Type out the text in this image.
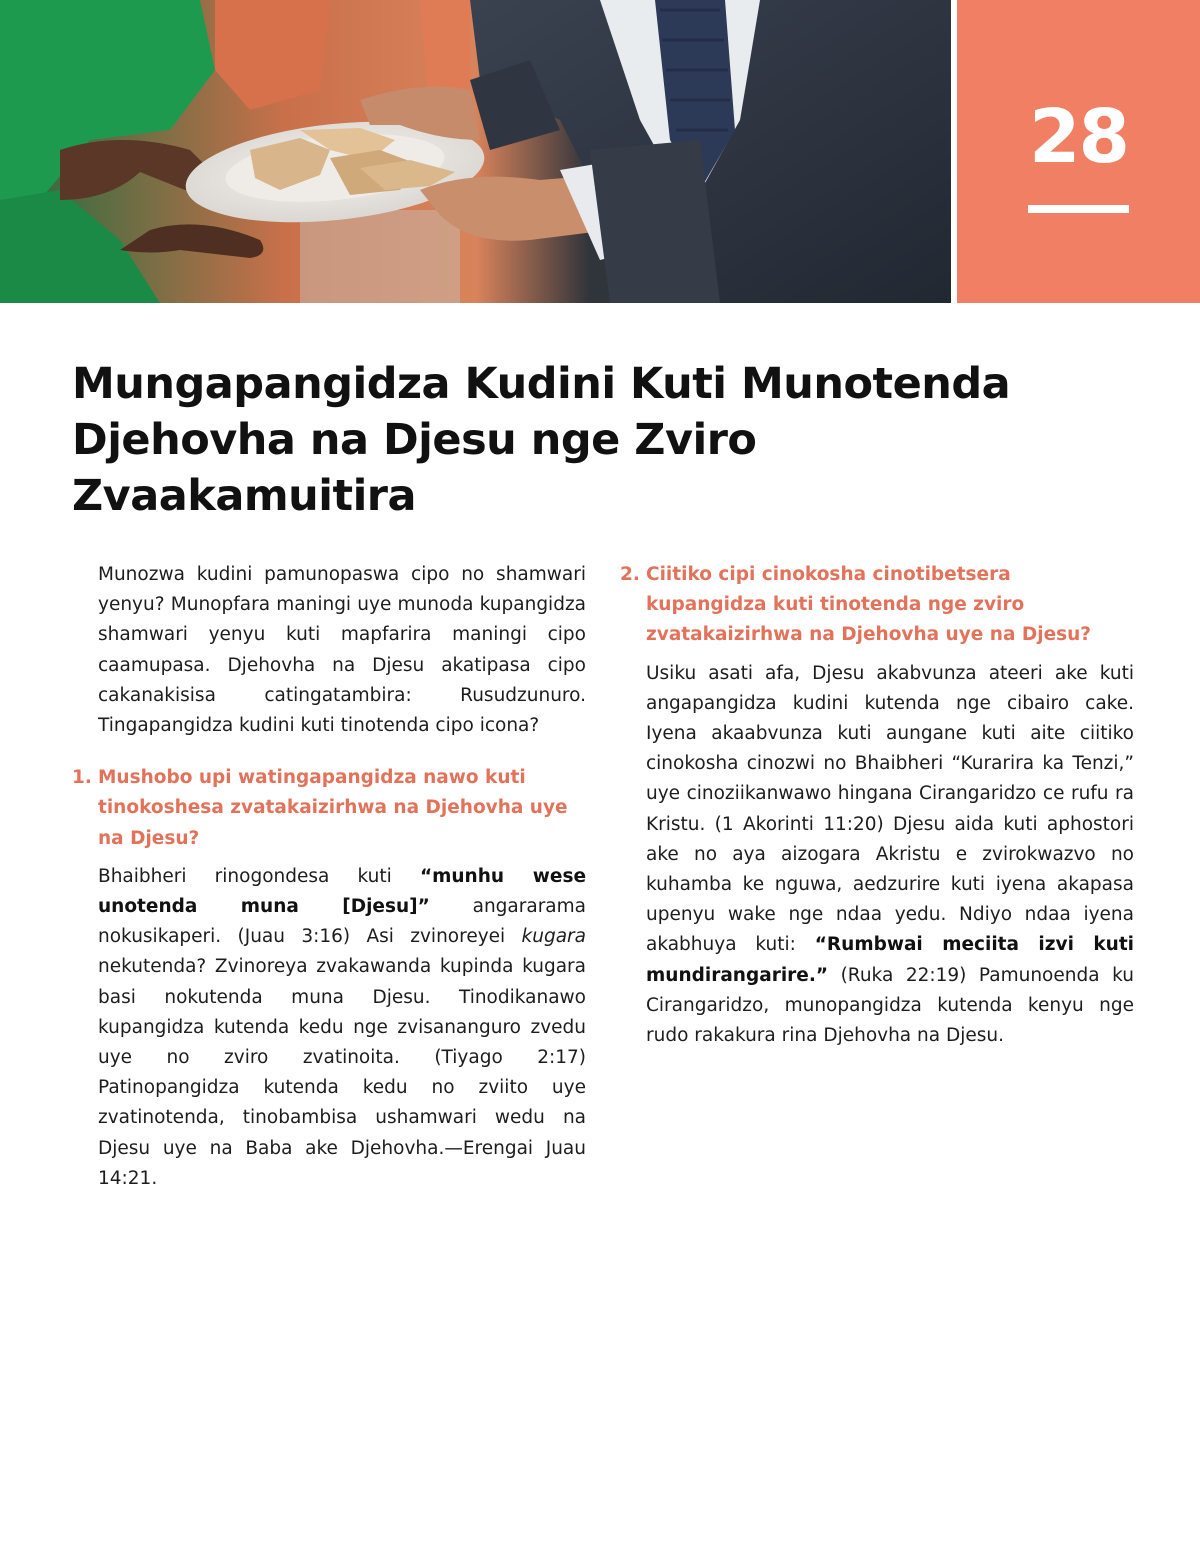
28
Mungapangidza Kudini Kuti Munotenda Djehovha na Djesu nge Zviro Zvaakamuitira

Munozwa kudini pamunopaswa cipo no shamwari yenyu? Munopfara maningi uye munoda kupangidza shamwari yenyu kuti mapfarira maningi cipo caamupasa. Djehovha na Djesu akatipasa cipo cakanakisisa catingatambira: Rusudzunuro. Tingapangidza kudini kuti tinotenda cipo icona?

1. Mushobo upi watingapangidza nawo kuti tinokoshesa zvatakaizirhwa na Djehovha uye na Djesu?

Bhaibheri rinogondesa kuti “munhu wese unotenda muna [Djesu]” angararama nokusikaperi. (Juau 3:16) Asi zvinoreyei kugara nekutenda? Zvinoreya zvakawanda kupinda kugara basi nokutenda muna Djesu. Tinodikanawo kupangidza kutenda kedu nge zvisananguro zvedu uye no zviro zvatinoita. (Tiyago 2:17) Patinopangidza kutenda kedu no zviito uye zvatinotenda, tinobambisa ushamwari wedu na Djesu uye na Baba ake Djehovha.—Erengai Juau 14:21.

2. Ciitiko cipi cinokosha cinotibetsera kupangidza kuti tinotenda nge zviro zvatakaizirhwa na Djehovha uye na Djesu?

Usiku asati afa, Djesu akabvunza ateeri ake kuti angapangidza kudini kutenda nge cibairo cake. Iyena akaabvunza kuti aungane kuti aite ciitiko cinokosha cinozwi no Bhaibheri “Kurarira ka Tenzi,” uye cinoziikanwawo hingana Cirangaridzo ce rufu ra Kristu. (1 Akorinti 11:20) Djesu aida kuti aphostori ake no aya aizogara Akristu e zvirokwazvo no kuhamba ke nguwa, aedzurire kuti iyena akapasa upenyu wake nge ndaa yedu. Ndiyo ndaa iyena akabhuya kuti: “Rumbwai meciita izvi kuti mundirangarire.” (Ruka 22:19) Pamunoenda ku Cirangaridzo, munopangidza kutenda kenyu nge rudo rakakura rina Djehovha na Djesu.
